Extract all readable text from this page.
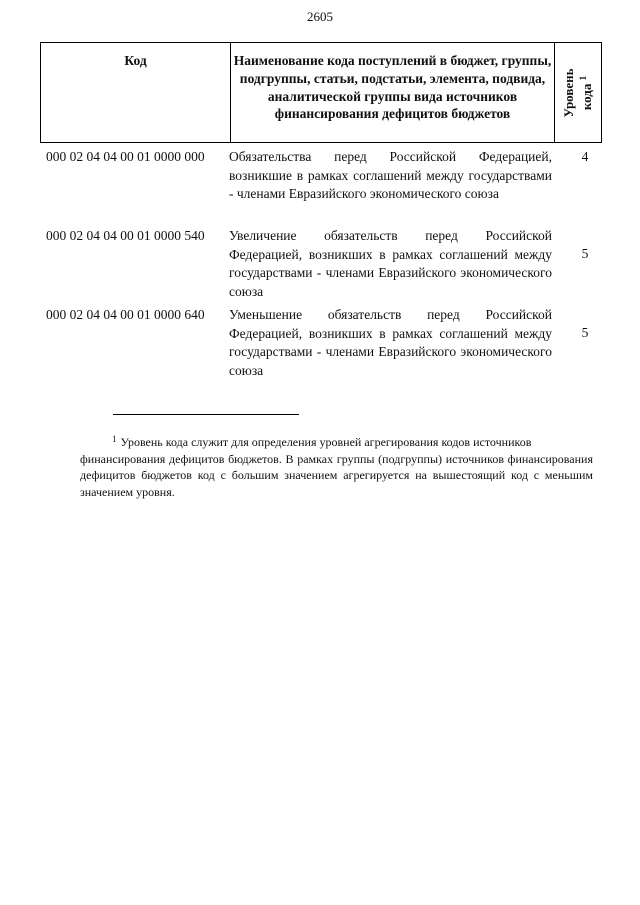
2605
Код	Наименование кода поступлений в бюджет, группы, подгруппы, статьи, подстатьи, элемента, подвида, аналитической группы вида источников финансирования дефицитов бюджетов	Уровень кода $^1$
000 02 04 04 00 01 0000 000 Обязательства перед Российской Федерацией, возникшие в рамках соглашений между государствами - членами Евразийского экономического союза
4
000 02 04 04 00 01 0000 540 Увеличение обязательств перед Российской Федерацией, возникших в рамках соглашений между государствами - членами Евразийского экономического союза
5
000 02 04 04 00 01 0000 640 Уменьшение обязательств перед Российской Федерацией, возникших в рамках соглашений между государствами - членами Евразийского экономического союза
5
$^1$ Уровень кода служит для определения уровней агрегирования кодов источников
финансирования дефицитов бюджетов. В рамках группы (подгруппы) источников финансирования дефицитов бюджетов код с большим значением агрегируется на вышестоящий код с меньшим значением уровня.
